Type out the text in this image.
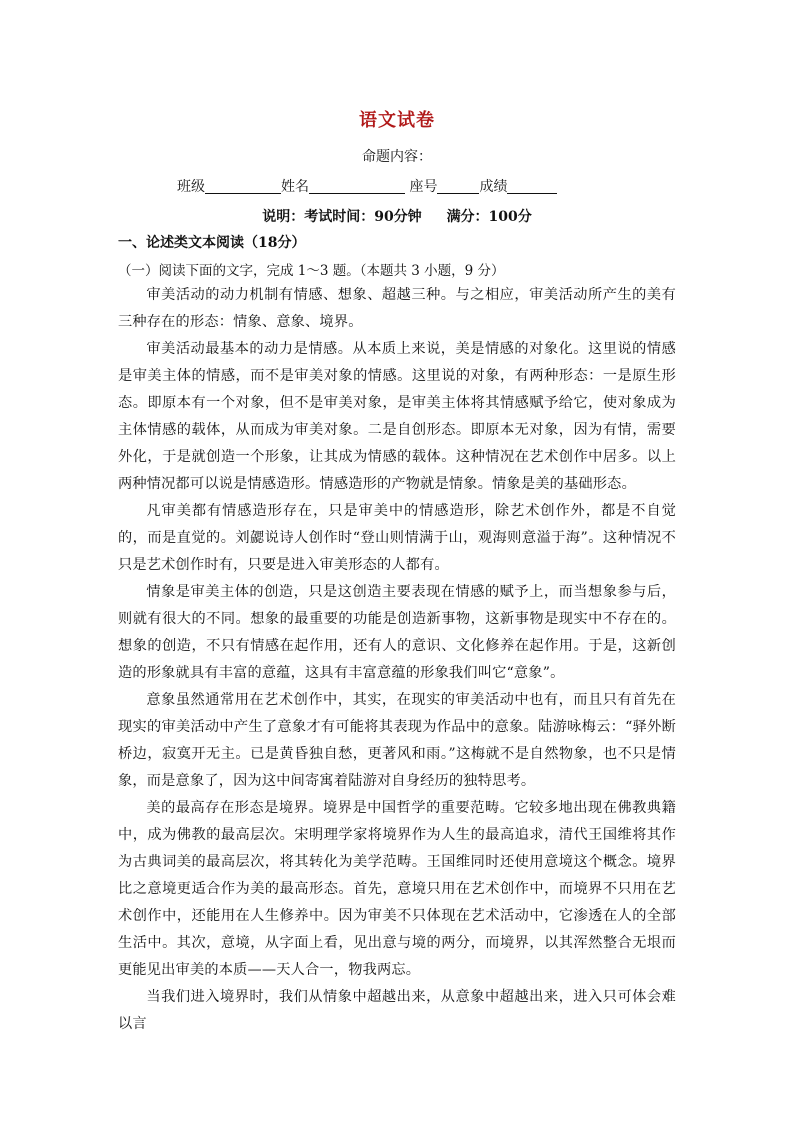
语文试卷
命题内容：
班级	姓名	座号	成绩
说明：考试时间：90分钟 满分：100分
一、论述类文本阅读（18分）
（一）阅读下面的文字，完成 1～3 题。（本题共 3 小题，9 分）

审美活动的动力机制有情感、想象、超越三种。与之相应，审美活动所产生的美有三种存在的形态：情象、意象、境界。

审美活动最基本的动力是情感。从本质上来说，美是情感的对象化。这里说的情感是审美主体的情感，而不是审美对象的情感。这里说的对象，有两种形态：一是原生形态。即原本有一个对象，但不是审美对象，是审美主体将其情感赋予给它，使对象成为主体情感的载体，从而成为审美对象。二是自创形态。即原本无对象，因为有情，需要外化，于是就创造一个形象，让其成为情感的载体。这种情况在艺术创作中居多。以上两种情况都可以说是情感造形。情感造形的产物就是情象。情象是美的基础形态。

凡审美都有情感造形存在，只是审美中的情感造形，除艺术创作外，都是不自觉的，而是直觉的。刘勰说诗人创作时“登山则情满于山，观海则意溢于海”。这种情况不只是艺术创作时有，只要是进入审美形态的人都有。

情象是审美主体的创造，只是这创造主要表现在情感的赋予上，而当想象参与后，则就有很大的不同。想象的最重要的功能是创造新事物，这新事物是现实中不存在的。想象的创造，不只有情感在起作用，还有人的意识、文化修养在起作用。于是，这新创造的形象就具有丰富的意蕴，这具有丰富意蕴的形象我们叫它“意象”。

意象虽然通常用在艺术创作中，其实，在现实的审美活动中也有，而且只有首先在现实的审美活动中产生了意象才有可能将其表现为作品中的意象。陆游咏梅云：“驿外断桥边，寂寞开无主。已是黄昏独自愁，更著风和雨。”这梅就不是自然物象，也不只是情象，而是意象了，因为这中间寄寓着陆游对自身经历的独特思考。

美的最高存在形态是境界。境界是中国哲学的重要范畴。它较多地出现在佛教典籍中，成为佛教的最高层次。宋明理学家将境界作为人生的最高追求，清代王国维将其作为古典词美的最高层次，将其转化为美学范畴。王国维同时还使用意境这个概念。境界比之意境更适合作为美的最高形态。首先，意境只用在艺术创作中，而境界不只用在艺术创作中，还能用在人生修养中。因为审美不只体现在艺术活动中，它渗透在人的全部生活中。其次，意境，从字面上看，见出意与境的两分，而境界，以其浑然整合无垠而更能见出审美的本质——天人合一，物我两忘。

当我们进入境界时，我们从情象中超越出来，从意象中超越出来，进入只可体会难以言
